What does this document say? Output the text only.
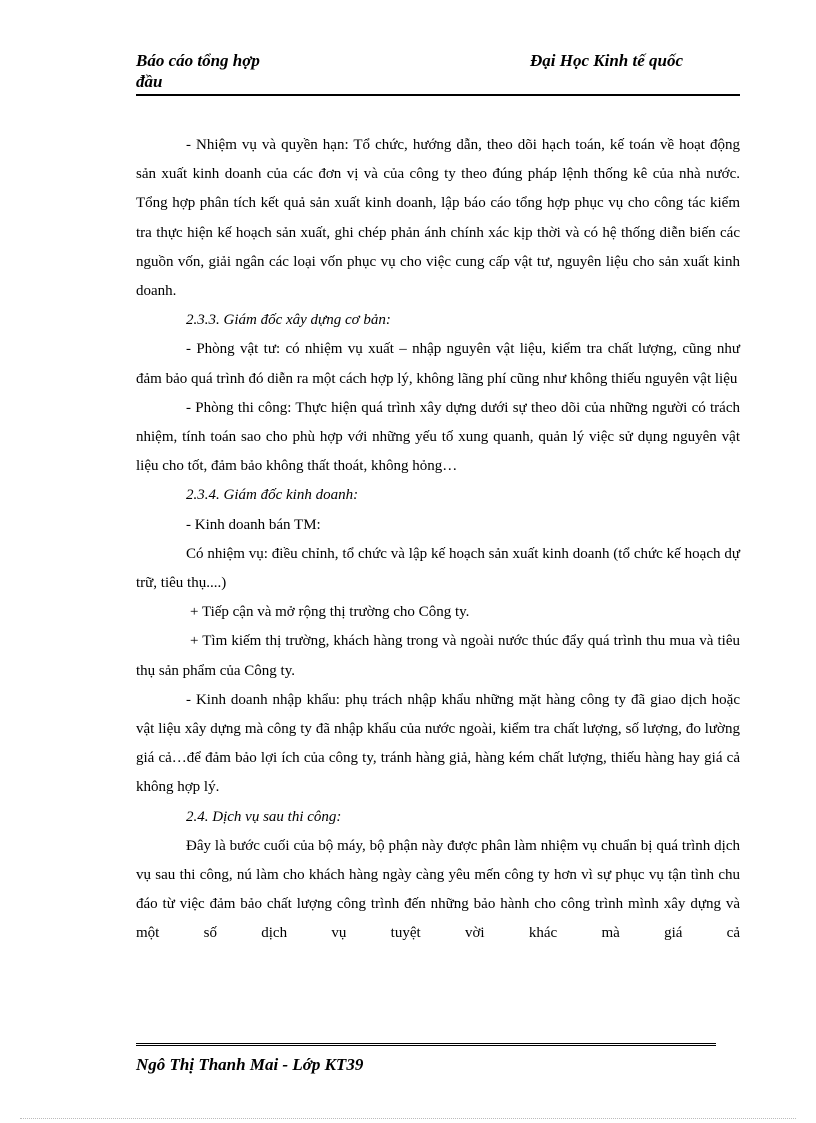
Báo cáo tổng hợp
đầu
Đại Học Kinh tế quốc

- Nhiệm vụ và quyền hạn: Tổ chức, hướng dẫn, theo dõi hạch toán, kế toán về hoạt động sản xuất kinh doanh của các đơn vị và của công ty theo đúng pháp lệnh thống kê của nhà nước. Tổng hợp phân tích kết quả sản xuất kinh doanh, lập báo cáo tổng hợp phục vụ cho công tác kiểm tra thực hiện kế hoạch sản xuất, ghi chép phản ánh chính xác kịp thời và có hệ thống diễn biến các nguồn vốn, giải ngân các loại vốn phục vụ cho việc cung cấp vật tư, nguyên liệu cho sản xuất kinh doanh.

2.3.3. Giám đốc xây dựng cơ bản:

- Phòng vật tư: có nhiệm vụ xuất – nhập nguyên vật liệu, kiểm tra chất lượng, cũng như đảm bảo quá trình đó diễn ra một cách hợp lý, không lãng phí cũng như không thiếu nguyên vật liệu

- Phòng thi công: Thực hiện quá trình xây dựng dưới sự theo dõi của những người có trách nhiệm, tính toán sao cho phù hợp với những yếu tố xung quanh, quản lý việc sử dụng nguyên vật liệu cho tốt, đảm bảo không thất thoát, không hỏng…

2.3.4. Giám đốc kinh doanh:

- Kinh doanh bán TM:

Có nhiệm vụ: điều chỉnh, tổ chức và lập kế hoạch sản xuất kinh doanh (tổ chức kế hoạch dự trữ, tiêu thụ....)

+ Tiếp cận và mở rộng thị trường cho Công ty.

+ Tìm kiếm thị trường, khách hàng trong và ngoài nước thúc đẩy quá trình thu mua và tiêu thụ sản phẩm của Công ty.

- Kinh doanh nhập khẩu: phụ trách nhập khẩu những mặt hàng công ty đã giao dịch hoặc vật liệu xây dựng mà công ty đã nhập khẩu của nước ngoài, kiểm tra chất lượng, số lượng, đo lường giá cả…để đảm bảo lợi ích của công ty, tránh hàng giả, hàng kém chất lượng, thiếu hàng hay giá cả không hợp lý.

2.4. Dịch vụ sau thi công:

Đây là bước cuối của bộ máy, bộ phận này được phân làm nhiệm vụ chuẩn bị quá trình dịch vụ sau thi công, nú làm cho khách hàng ngày càng yêu mến công ty hơn vì sự phục vụ tận tình chu đáo từ việc đảm bảo chất lượng công trình đến những bảo hành cho công trình mình xây dựng và một số dịch vụ tuyệt vời khác mà giá cả

Ngô Thị Thanh Mai - Lớp KT39
